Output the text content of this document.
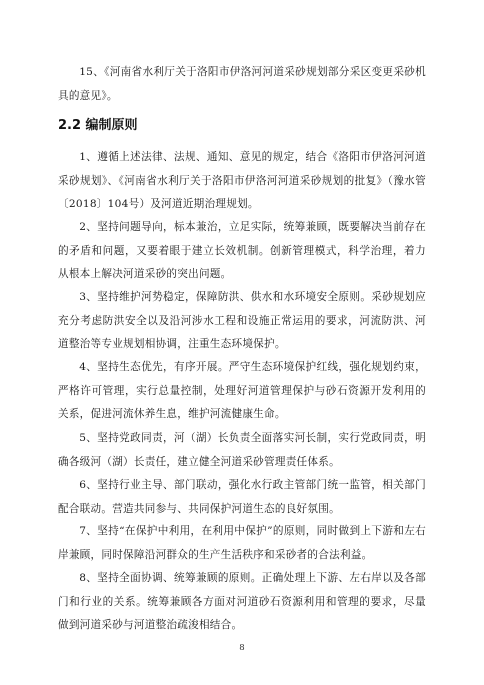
15、《河南省水利厅关于洛阳市伊洛河河道采砂规划部分采区变更采砂机具的意见》。

2.2 编制原则

1、遵循上述法律、法规、通知、意见的规定，结合《洛阳市伊洛河河道采砂规划》、《河南省水利厅关于洛阳市伊洛河河道采砂规划的批复》（豫水管〔2018〕104号）及河道近期治理规划。

2、坚持问题导向，标本兼治，立足实际，统筹兼顾，既要解决当前存在的矛盾和问题，又要着眼于建立长效机制。创新管理模式，科学治理，着力从根本上解决河道采砂的突出问题。

3、坚持维护河势稳定，保障防洪、供水和水环境安全原则。采砂规划应充分考虑防洪安全以及沿河涉水工程和设施正常运用的要求，河流防洪、河道整治等专业规划相协调，注重生态环境保护。

4、坚持生态优先，有序开展。严守生态环境保护红线，强化规划约束，严格许可管理，实行总量控制，处理好河道管理保护与砂石资源开发利用的关系，促进河流休养生息，维护河流健康生命。

5、坚持党政同责，河（湖）长负责全面落实河长制，实行党政同责，明确各级河（湖）长责任，建立健全河道采砂管理责任体系。

6、坚持行业主导、部门联动，强化水行政主管部门统一监管，相关部门配合联动。营造共同参与、共同保护河道生态的良好氛围。

7、坚持“在保护中利用，在利用中保护”的原则，同时做到上下游和左右岸兼顾，同时保障沿河群众的生产生活秩序和采砂者的合法利益。

8、坚持全面协调、统筹兼顾的原则。正确处理上下游、左右岸以及各部门和行业的关系。统筹兼顾各方面对河道砂石资源利用和管理的要求，尽量做到河道采砂与河道整治疏浚相结合。

8
